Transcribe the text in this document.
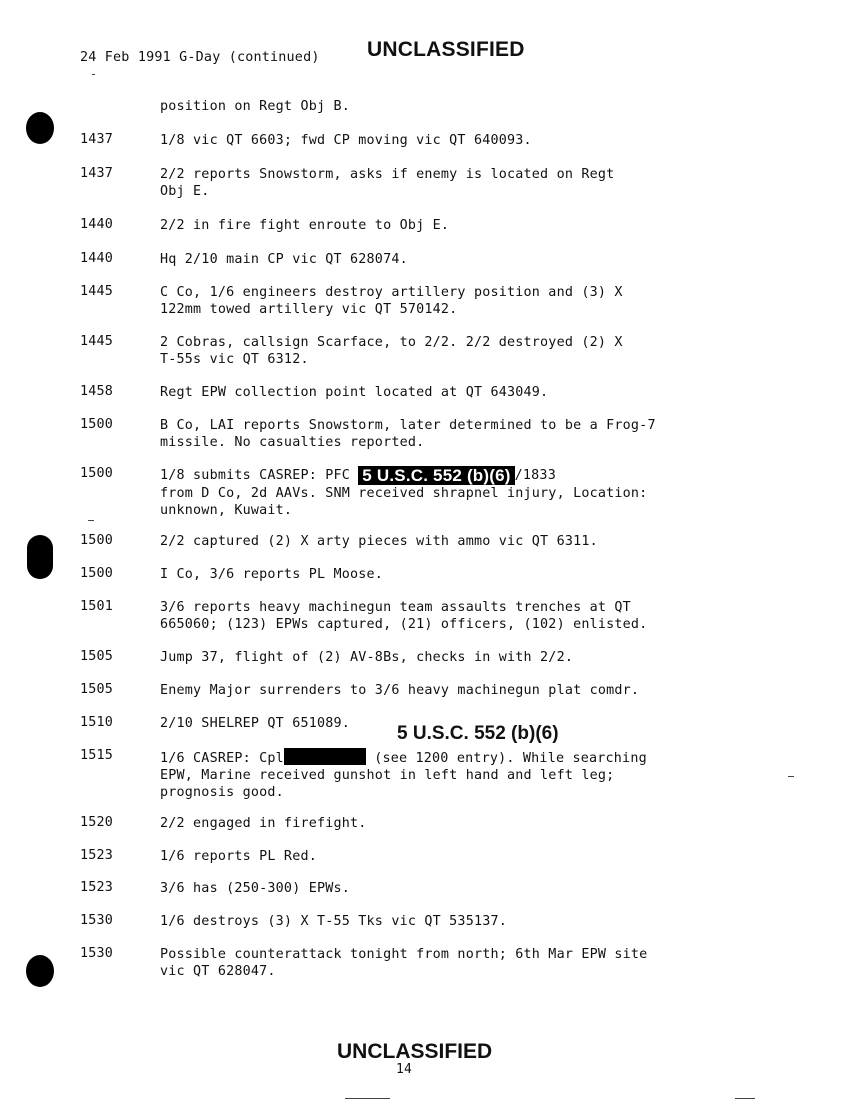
24 Feb 1991 G-Day (continued) UNCLASSIFIED
position on Regt Obj B.
1437	1/8 vic QT 6603; fwd CP moving vic QT 640093.
1437	2/2 reports Snowstorm, asks if enemy is located on Regt
Obj E.
1440	2/2 in fire fight enroute to Obj E.
1440	Hq 2/10 main CP vic QT 628074.
1445	C Co, 1/6 engineers destroy artillery position and (3) X
122mm towed artillery vic QT 570142.
1445	2 Cobras, callsign Scarface, to 2/2. 2/2 destroyed (2) X
T-55s vic QT 6312.
1458	Regt EPW collection point located at QT 643049.
1500	B Co, LAI reports Snowstorm, later determined to be a Frog-7
missile. No casualties reported.
1500	1/8 submits CASREP: PFC 5 U.S.C. 552 (b)(6) /1833
from D Co, 2d AAVs. SNM received shrapnel injury, Location:
unknown, Kuwait.
1500	2/2 captured (2) X arty pieces with ammo vic QT 6311.
1500	I Co, 3/6 reports PL Moose.
1501	3/6 reports heavy machinegun team assaults trenches at QT
665060; (123) EPWs captured, (21) officers, (102) enlisted.
1505	Jump 37, flight of (2) AV-8Bs, checks in with 2/2.
1505	Enemy Major surrenders to 3/6 heavy machinegun plat comdr.
1510	2/10 SHELREP QT 651089.	5 U.S.C. 552 (b)(6)
1515	1/6 CASREP: Cpl	(see 1200 entry). While searching
EPW, Marine received gunshot in left hand and left leg;
prognosis good.
1520	2/2 engaged in firefight.
1523	1/6 reports PL Red.
1523	3/6 has (250-300) EPWs.
1530	1/6 destroys (3) X T-55 Tks vic QT 535137.
1530	Possible counterattack tonight from north; 6th Mar EPW site
vic QT 628047.
UNCLASSIFIED
14
